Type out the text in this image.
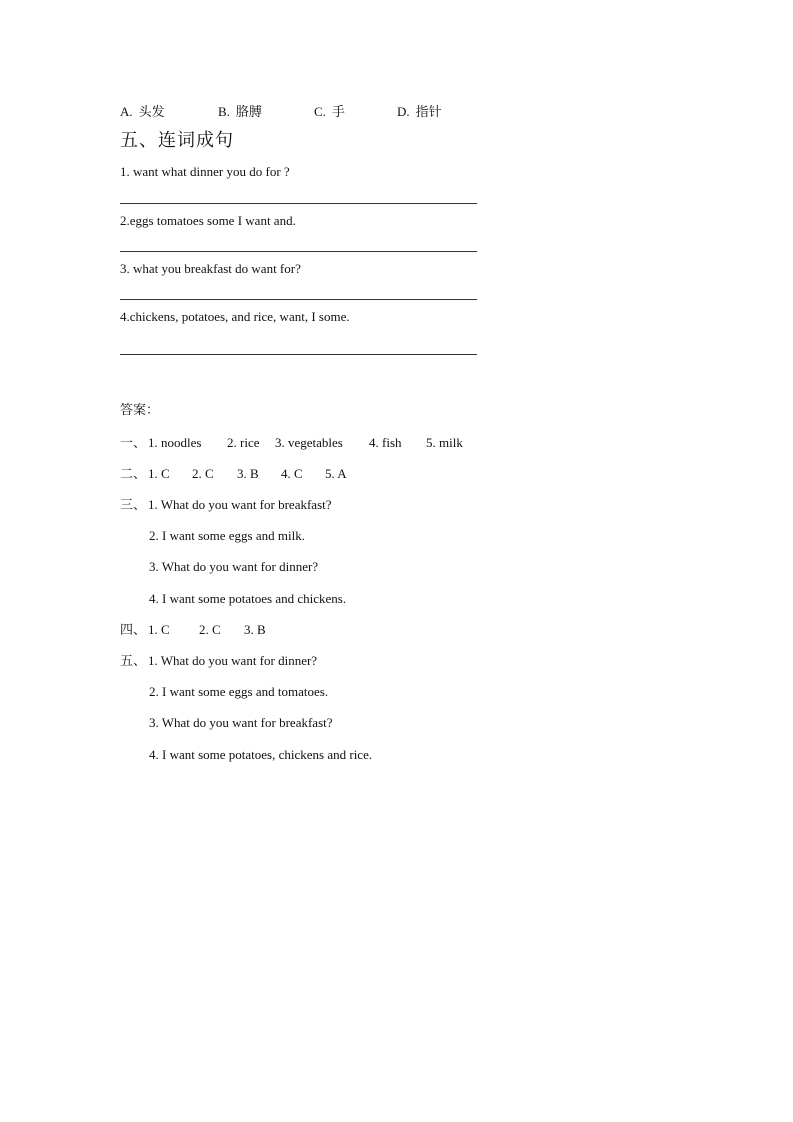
A. 头发	B. 胳膊	C. 手	D. 指针
五、连词成句
1. want what dinner you do for ?
2.eggs tomatoes some I want and.
3. what you breakfast do want for?
4.chickens, potatoes, and rice, want, I some.
答案：
一、 1. noodles 2. rice 3. vegetables 4. fish 5. milk
二、 1. C 2. C 3. B 4. C 5. A
三、 1. What do you want for breakfast?
2. I want some eggs and milk.
3. What do you want for dinner?
4. I want some potatoes and chickens.
四、 1. C 2. C 3. B
五、 1. What do you want for dinner?
2. I want some eggs and tomatoes.
3. What do you want for breakfast?
4. I want some potatoes, chickens and rice.
